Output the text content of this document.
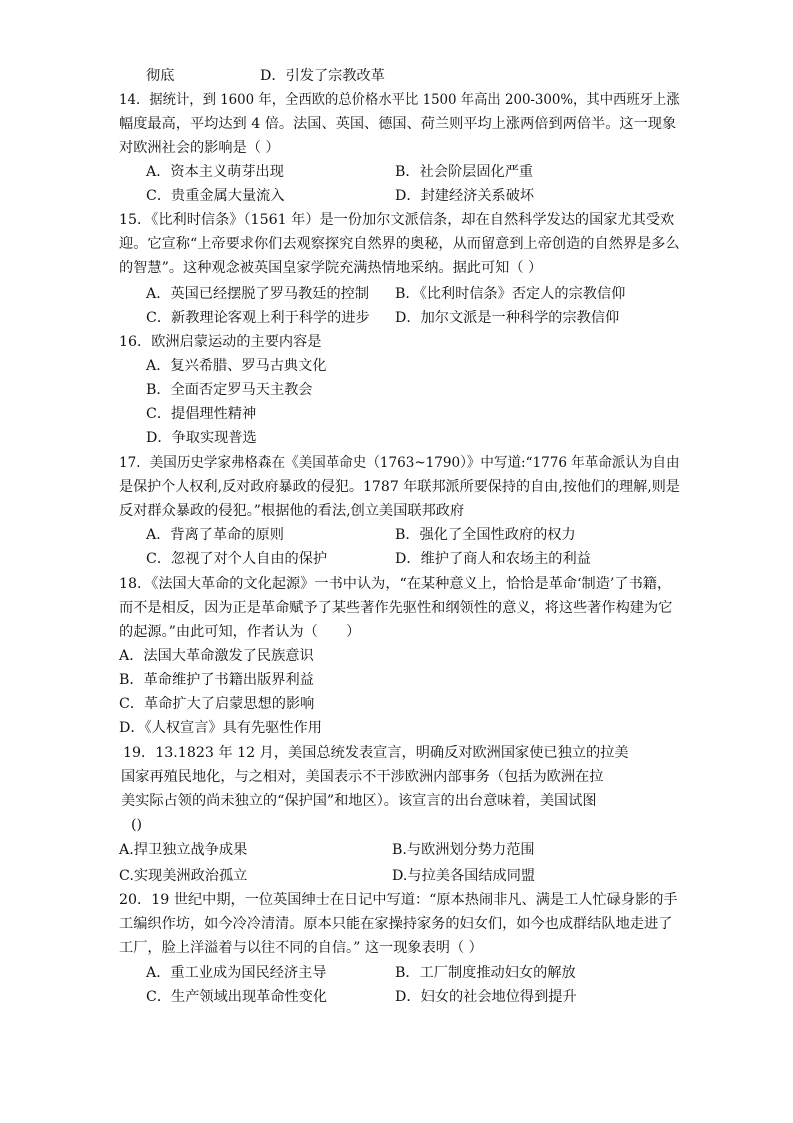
彻底	D．引发了宗教改革
14．据统计，到 1600 年，全西欧的总价格水平比 1500 年高出 200-300%，其中西班牙上涨
幅度最高，平均达到 4 倍。法国、英国、德国、荷兰则平均上涨两倍到两倍半。这一现象
对欧洲社会的影响是（ ）
A．资本主义萌芽出现	B．社会阶层固化严重
C．贵重金属大量流入	D．封建经济关系破坏
15．《比利时信条》（1561 年）是一份加尔文派信条，却在自然科学发达的国家尤其受欢
迎。它宣称“上帝要求你们去观察探究自然界的奥秘，从而留意到上帝创造的自然界是多么
的智慧”。这种观念被英国皇家学院充满热情地采纳。据此可知（ ）
A．英国已经摆脱了罗马教廷的控制 B．《比利时信条》否定人的宗教信仰
C．新教理论客观上利于科学的进步 D．加尔文派是一种科学的宗教信仰
16．欧洲启蒙运动的主要内容是
A．复兴希腊、罗马古典文化
B．全面否定罗马天主教会
C．提倡理性精神
D．争取实现普选
17．美国历史学家弗格森在《美国革命史（1763~1790）》中写道:“1776 年革命派认为自由
是保护个人权利,反对政府暴政的侵犯。1787 年联邦派所要保持的自由,按他们的理解,则是
反对群众暴政的侵犯。”根据他的看法,创立美国联邦政府
A．背离了革命的原则	B．强化了全国性政府的权力
C．忽视了对个人自由的保护	D．维护了商人和农场主的利益
18．《法国大革命的文化起源》一书中认为，“在某种意义上，恰恰是革命‘制造’了书籍，
而不是相反，因为正是革命赋予了某些著作先驱性和纲领性的意义，将这些著作构建为它
的起源。”由此可知，作者认为（　　）
A．法国大革命激发了民族意识
B．革命维护了书籍出版界利益
C．革命扩大了启蒙思想的影响
D．《人权宣言》具有先驱性作用
19．13.1823 年 12 月，美国总统发表宣言，明确反对欧洲国家使已独立的拉美
国家再殖民地化，与之相对，美国表示不干涉欧洲内部事务（包括为欧洲在拉
美实际占领的尚未独立的“保护国”和地区）。该宣言的出台意味着，美国试图
()
A.捍卫独立战争成果	B.与欧洲划分势力范围
C.实现美洲政治孤立	D.与拉美各国结成同盟
20．19 世纪中期，一位英国绅士在日记中写道：“原本热闹非凡、满是工人忙碌身影的手
工编织作坊，如今冷冷清清。原本只能在家操持家务的妇女们，如今也成群结队地走进了
工厂，脸上洋溢着与以往不同的自信。” 这一现象表明（ ）
A．重工业成为国民经济主导	B．工厂制度推动妇女的解放
C．生产领域出现革命性变化	D．妇女的社会地位得到提升
